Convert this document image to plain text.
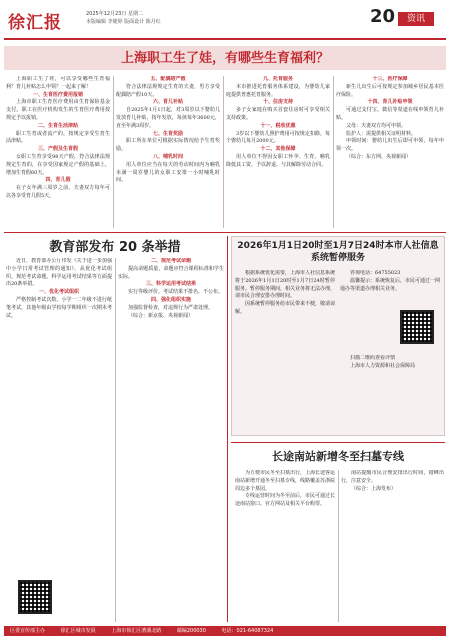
徐汇报	2025年12月23日 星期二
本版编辑 李婕婷 版面设计 陈月红	20	资讯
上海职工生了娃，有哪些生育福利？

上海职工生了娃，可以享受哪些生育福利？育儿补贴怎么申领？一起来了解！

一、生育医疗费用报销

上海市职工生育医疗费用由生育保险基金支付。职工在医疗机构发生的生育医疗费用按规定予以报销。

二、生育生活津贴

职工生育或者流产的，按规定享受生育生活津贴。

三、产假及生育假

女职工生育享受98天产假，符合法律法规规定生育的，在享受国家规定产假的基础上，增加生育假60天。

四、育儿假

在子女年满三周岁之前，夫妻双方每年可以各享受育儿假5天。

五、配偶陪产假

符合法律法规规定生育的夫妻，男方享受配偶陪产假10天。

六、育儿补贴

自2025年1月1日起，对3周岁以下婴幼儿发放育儿补贴，按年发放，每孩每年3600元，直至年满3周岁。

七、生育奖励

职工所在单位可根据实际情况给予生育奖励。

八、哺乳时间

用人单位应当在每天的劳动时间内为哺乳未满一周岁婴儿的女职工安排一小时哺乳时间。

九、托育服务

本市推进托育服务体系建设，为婴幼儿家庭提供普惠托育服务。

十、住房支持

多子女家庭在购买首套住房时可享受相关支持政策。

十一、税收优惠

3岁以下婴幼儿照护费用可按规定扣除，每个婴幼儿每月2000元。

十二、其他保障

用人单位不得因女职工怀孕、生育、哺乳降低其工资、予以辞退、与其解除劳动合同。

十三、医疗保障

新生儿出生后可按规定参加城乡居民基本医疗保险。

十四、育儿补贴申领

可通过支付宝、微信等渠道在线申领育儿补贴。

父母：夫妻双方均可申领。

监护人：需提供相关证明材料。

申领时间：婴幼儿出生后即可申领，每年申领一次。

（综合：东方网、央视新闻）

教育部发布 20 条举措

近日，教育部办公厅印发《关于进一步加强中小学日常考试管理的通知》，从优化考试组织、规范考试命题、科学运用考试结果等方面提出20条举措。

一、优化考试组织

严格控制考试次数。小学一二年级不进行纸笔考试，其他年级由学校每学期组织一次期末考试。

二、规范考试命题

提高命题质量，命题应符合课程标准和学生实际。

三、科学运用考试结果

实行等级评价。考试结果不排名、不公布。

四、强化组织实施

加强监督检查，对违规行为严肃处理。

（综合：新京报、央视新闻）

2026年1月1日20时至1月7日24时本市人社信息系统暂停服务

根据系统优化需要，上海市人社信息系统将于2026年1月1日20时至1月7日24时暂停服务。暂停服务期间，相关业务将无法办理，请市民合理安排办理时间。

因系统暂停服务给市民带来不便，敬请谅解。

咨询电话：64755023

温馨提示：系统恢复后，市民可通过一网通办等渠道办理相关业务。

扫描二维码查看详情

上海市人力资源和社会保障局

长途南站新增冬至扫墓专线

为方便市民冬至扫墓出行，上海长途客运南站新增开通冬至扫墓专线，线路覆盖苏浙皖周边多个墓园。

专线运营时间为冬至前后，市民可通过长途南站窗口、官方网站及相关平台购票。

南站提醒市民合理安排出行时间，错峰出行，注意安全。

（综合：上海发布）

区委宣传部主办	徐汇区城市发展	上海市徐汇区漕溪北路	邮编200030	电话：021-64087324
